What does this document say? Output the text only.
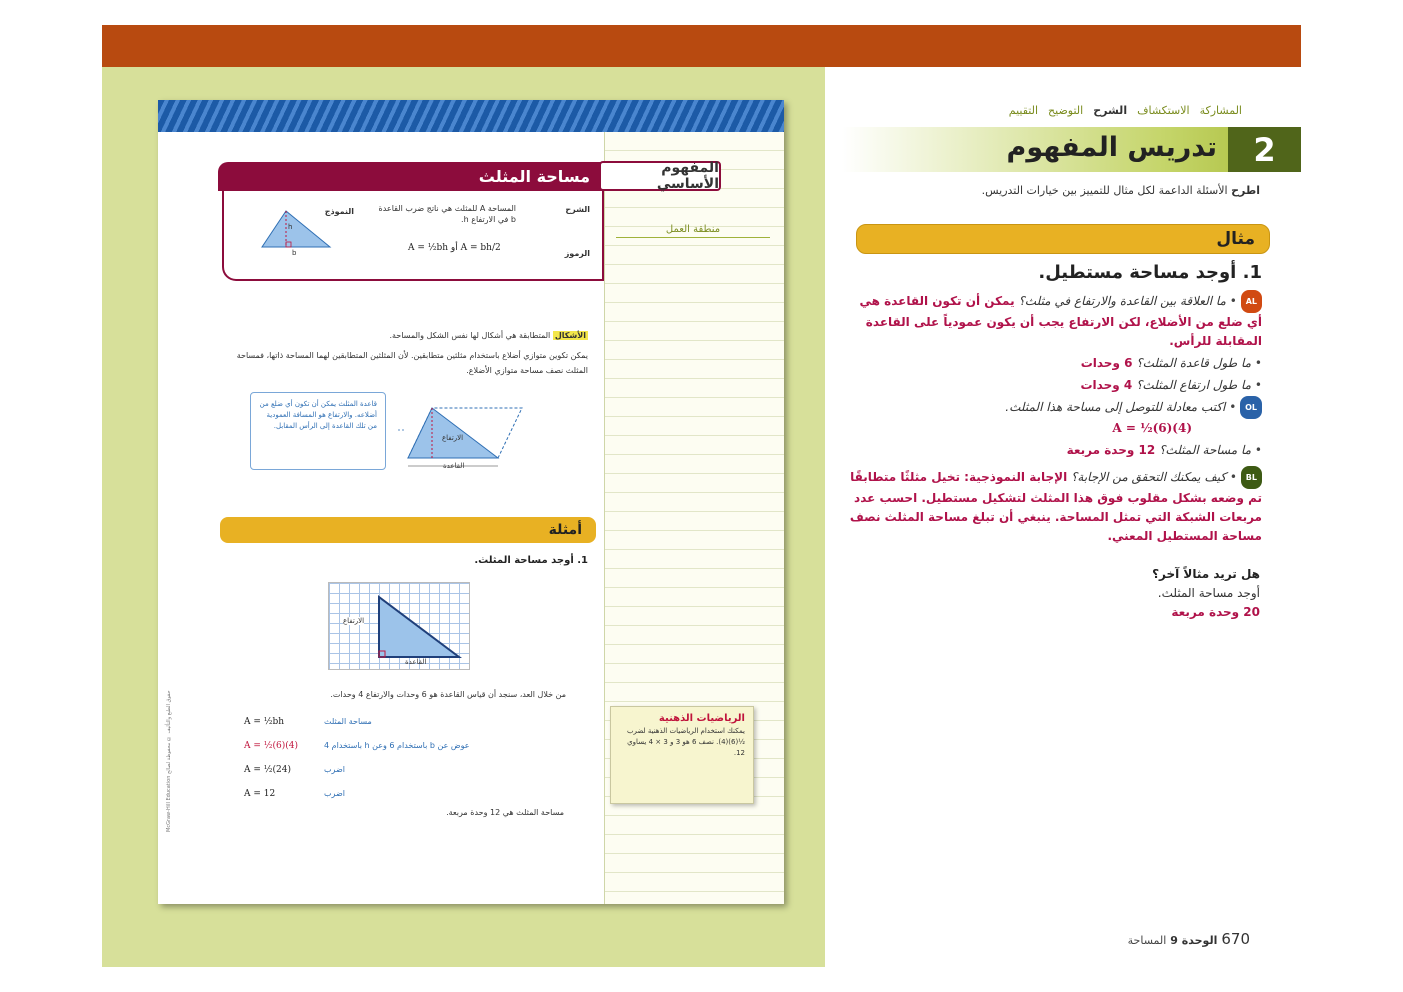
منطقة العمل
مساحة المثلث	المفهوم الأساسي
الشرح
المساحة A للمثلث هي ناتج ضرب القاعدة b في الارتفاع h.
الرموز
A = ½bh أو A = bh/2
النموذج
h
b
الأشكال المتطابقة هي أشكال لها نفس الشكل والمساحة.
يمكن تكوين متوازي أضلاع باستخدام مثلثين متطابقين. لأن المثلثين المتطابقين لهما المساحة ذاتها، فمساحة المثلث نصف مساحة متوازي الأضلاع.
قاعدة المثلث يمكن أن تكون أي ضلع من أضلاعه. والارتفاع هو المسافة العمودية من تلك القاعدة إلى الرأس المقابل.
الارتفاع
القاعدة
أمثلة
1. أوجد مساحة المثلث.
الارتفاع
القاعدة
من خلال العد، سنجد أن قياس القاعدة هو 6 وحدات والارتفاع 4 وحدات.
A = ½bh	مساحة المثلث
A = ½(6)(4)	عوض عن b باستخدام 6 وعن h باستخدام 4
A = ½(24)	اضرب
A = 12	اضرب
مساحة المثلث هي 12 وحدة مربعة.
الرياضيات الذهنية
يمكنك استخدام الرياضيات الذهنية لضرب ½(6)(4). نصف 6 هو 3 و 3 × 4 يساوي 12.
حقوق الطبع والتأليف © محفوظة لصالح McGraw-Hill Education
المشاركة
الاستكشاف
الشرح
التوضيح
التقييم
2
تدريس المفهوم
اطرح الأسئلة الداعمة لكل مثال للتمييز بين خيارات التدريس.
مثال
1. أوجد مساحة مستطيل.
AL • ما العلاقة بين القاعدة والارتفاع في مثلث؟ يمكن أن تكون القاعدة هي أي ضلع من الأضلاع، لكن الارتفاع يجب أن يكون عمودياً على القاعدة المقابلة للرأس.
• ما طول قاعدة المثلث؟ 6 وحدات
• ما طول ارتفاع المثلث؟ 4 وحدات
OL • اكتب معادلة للتوصل إلى مساحة هذا المثلث.
A = ½(6)(4)
• ما مساحة المثلث؟ 12 وحدة مربعة
BL • كيف يمكنك التحقق من الإجابة؟ الإجابة النموذجية: تخيل مثلثًا متطابقًا تم وضعه بشكل مقلوب فوق هذا المثلث لتشكيل مستطيل. احسب عدد مربعات الشبكة التي تمثل المساحة. ينبغي أن تبلغ مساحة المثلث نصف مساحة المستطيل المعني.
هل تريد مثالاً آخر؟
أوجد مساحة المثلث.
20 وحدة مربعة
670
الوحدة 9
المساحة
